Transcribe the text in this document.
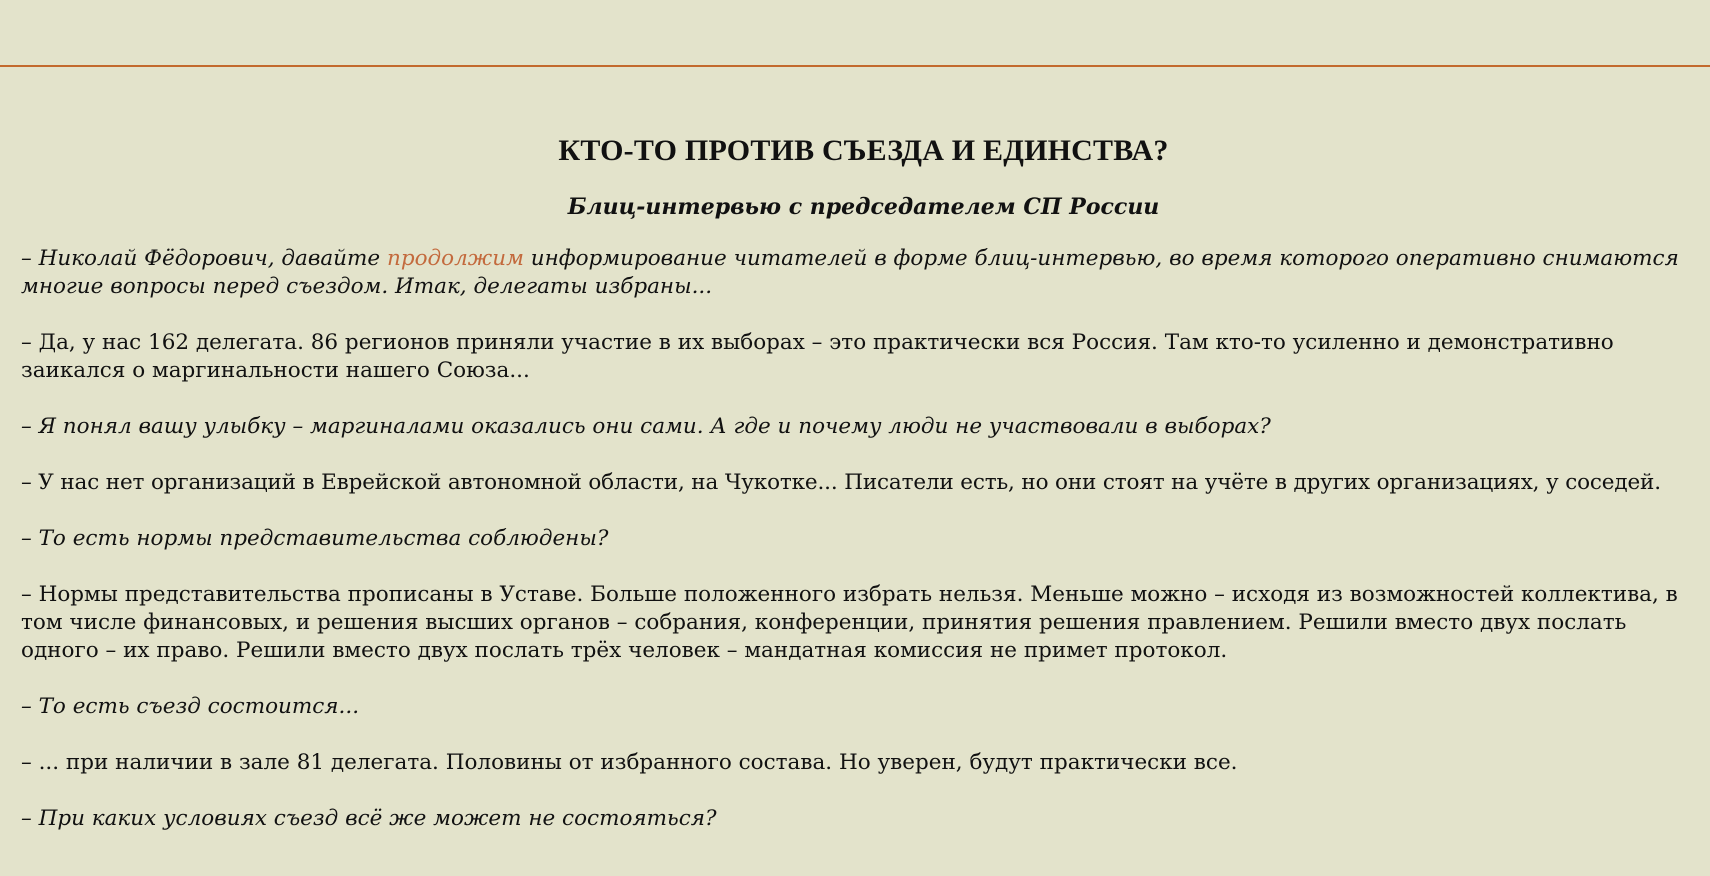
КТО-ТО ПРОТИВ СЪЕЗДА И ЕДИНСТВА?
Блиц-интервью с председателем СП России

– Николай Фёдорович, давайте продолжим информирование читателей в форме блиц-интервью, во время которого оперативно снимаются многие вопросы перед съездом. Итак, делегаты избраны...

– Да, у нас 162 делегата. 86 регионов приняли участие в их выборах – это практически вся Россия. Там кто-то усиленно и демонстративно заикался о маргинальности нашего Союза...

– Я понял вашу улыбку – маргиналами оказались они сами. А где и почему люди не участвовали в выборах?

– У нас нет организаций в Еврейской автономной области, на Чукотке... Писатели есть, но они стоят на учёте в других организациях, у соседей.

– То есть нормы представительства соблюдены?

– Нормы представительства прописаны в Уставе. Больше положенного избрать нельзя. Меньше можно – исходя из возможностей коллектива, в том числе финансовых, и решения высших органов – собрания, конференции, принятия решения правлением. Решили вместо двух послать одного – их право. Решили вместо двух послать трёх человек – мандатная комиссия не примет протокол.

– То есть съезд состоится...

– ... при наличии в зале 81 делегата. Половины от избранного состава. Но уверен, будут практически все.

– При каких условиях съезд всё же может не состояться?
